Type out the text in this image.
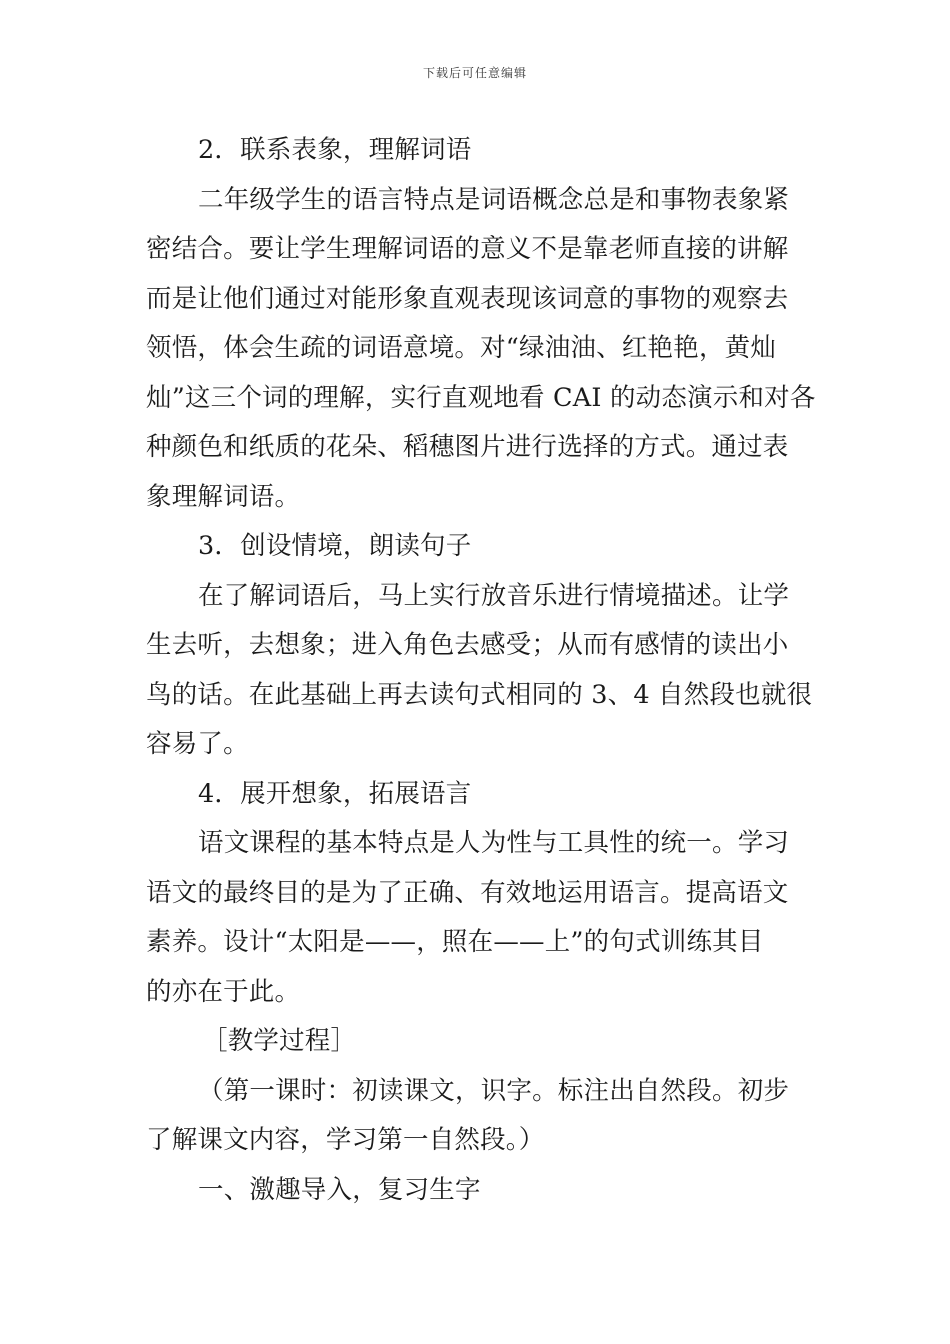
下载后可任意编辑
2．联系表象，理解词语
二年级学生的语言特点是词语概念总是和事物表象紧
密结合。要让学生理解词语的意义不是靠老师直接的讲解
而是让他们通过对能形象直观表现该词意的事物的观察去
领悟，体会生疏的词语意境。对“绿油油、红艳艳，黄灿
灿”这三个词的理解，实行直观地看 CAI 的动态演示和对各
种颜色和纸质的花朵、稻穗图片进行选择的方式。通过表
象理解词语。
3．创设情境，朗读句子
在了解词语后，马上实行放音乐进行情境描述。让学
生去听，去想象；进入角色去感受；从而有感情的读出小
鸟的话。在此基础上再去读句式相同的 3、4 自然段也就很
容易了。
4．展开想象，拓展语言
语文课程的基本特点是人为性与工具性的统一。学习
语文的最终目的是为了正确、有效地运用语言。提高语文
素养。设计“太阳是——，照在——上”的句式训练其目
的亦在于此。
［教学过程］
（第一课时：初读课文，识字。标注出自然段。初步
了解课文内容，学习第一自然段。）
一、激趣导入，复习生字
